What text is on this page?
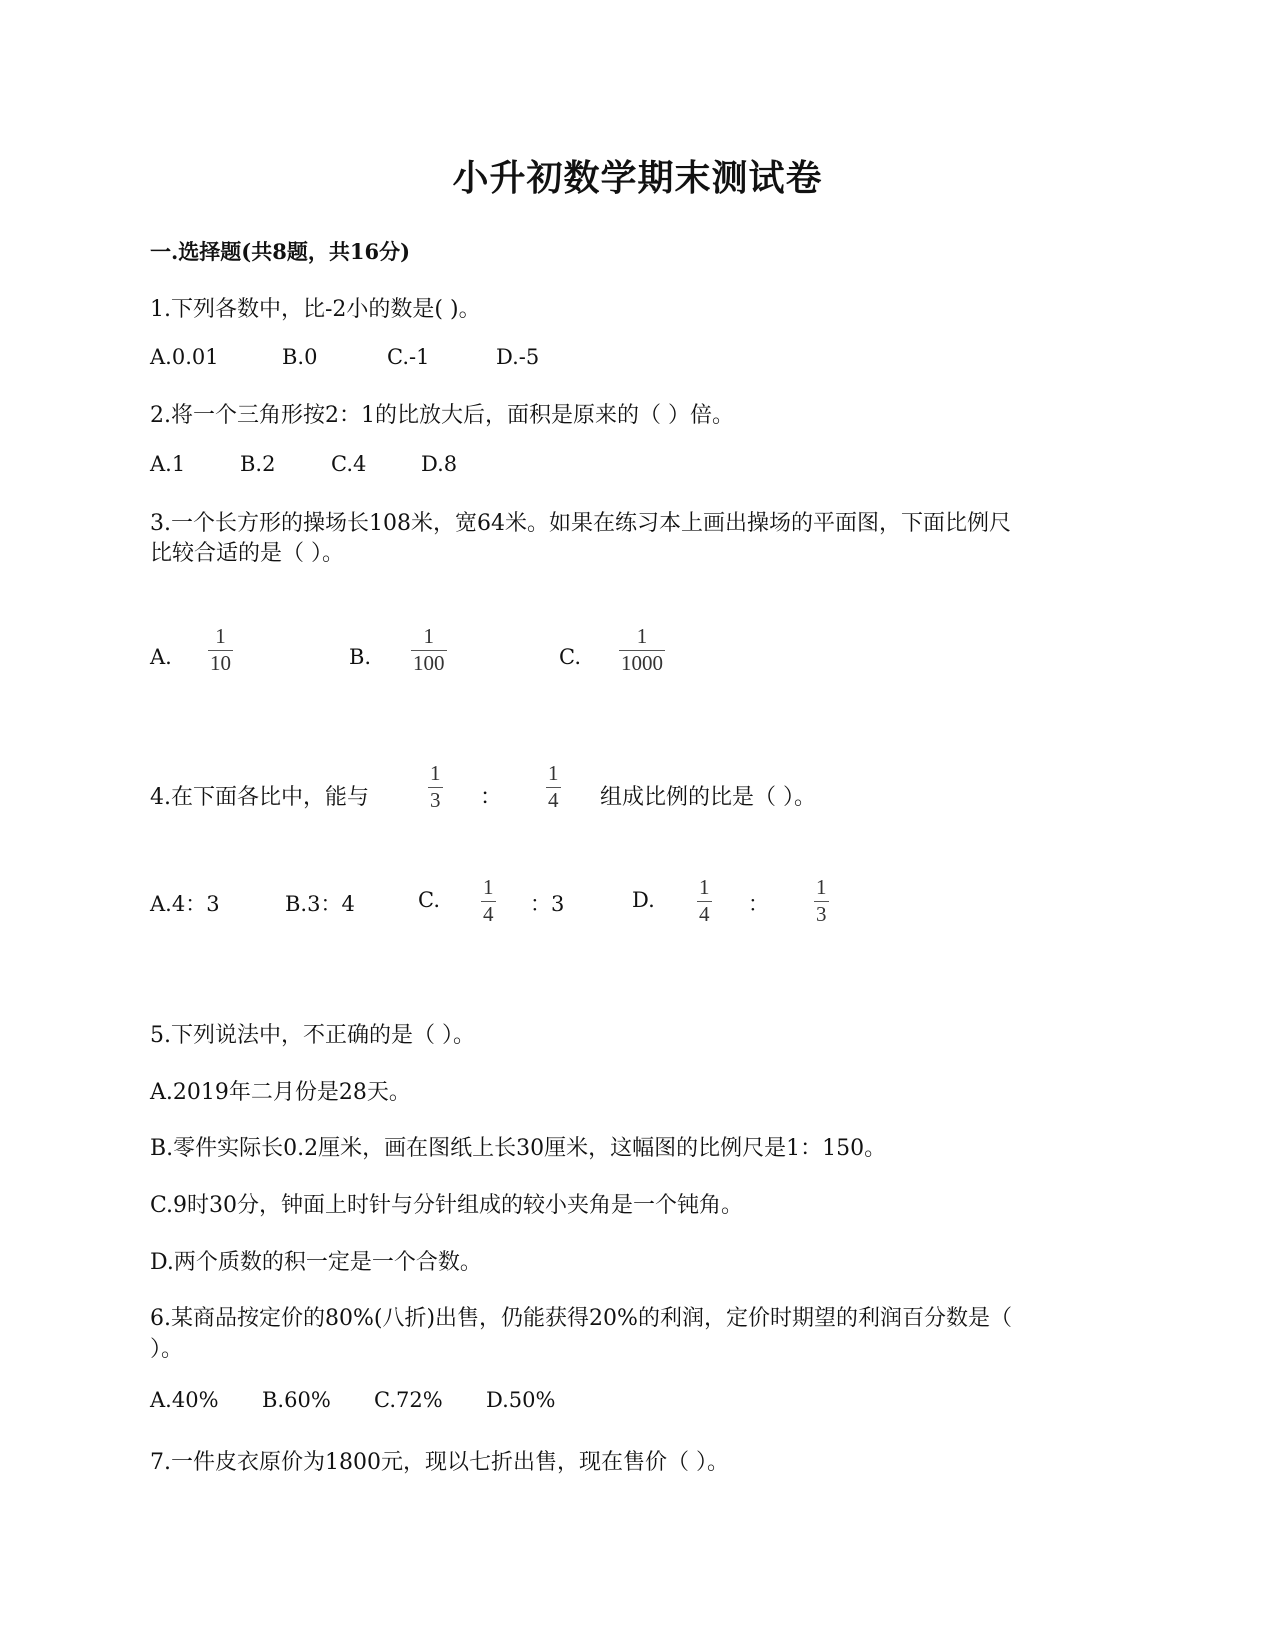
小升初数学期末测试卷
一.选择题(共8题，共16分)
1.下列各数中，比-2小的数是( )。
A.0.01	B.0	C.-1	D.-5
2.将一个三角形按2：1的比放大后，面积是原来的（ ）倍。
A.1	B.2	C.4	D.8
3.一个长方形的操场长108米，宽64米。如果在练习本上画出操场的平面图，下面比例尺
比较合适的是（ ）。
A.
1
10	B.
1
100	C.
1
1000
4.在下面各比中，能与
1
3 ：
1
4 组成比例的比是（ ）。
A.4：3	B.3：4	C.
1
4 ：3	D.
1
4 ：
1
3
5.下列说法中，不正确的是（ ）。
A.2019年二月份是28天。
B.零件实际长0.2厘米，画在图纸上长30厘米，这幅图的比例尺是1：150。
C.9时30分，钟面上时针与分针组成的较小夹角是一个钝角。
D.两个质数的积一定是一个合数。
6.某商品按定价的80%(八折)出售，仍能获得20%的利润，定价时期望的利润百分数是（
）。
A.40% B.60% C.72% D.50%
7.一件皮衣原价为1800元，现以七折出售，现在售价（ ）。
